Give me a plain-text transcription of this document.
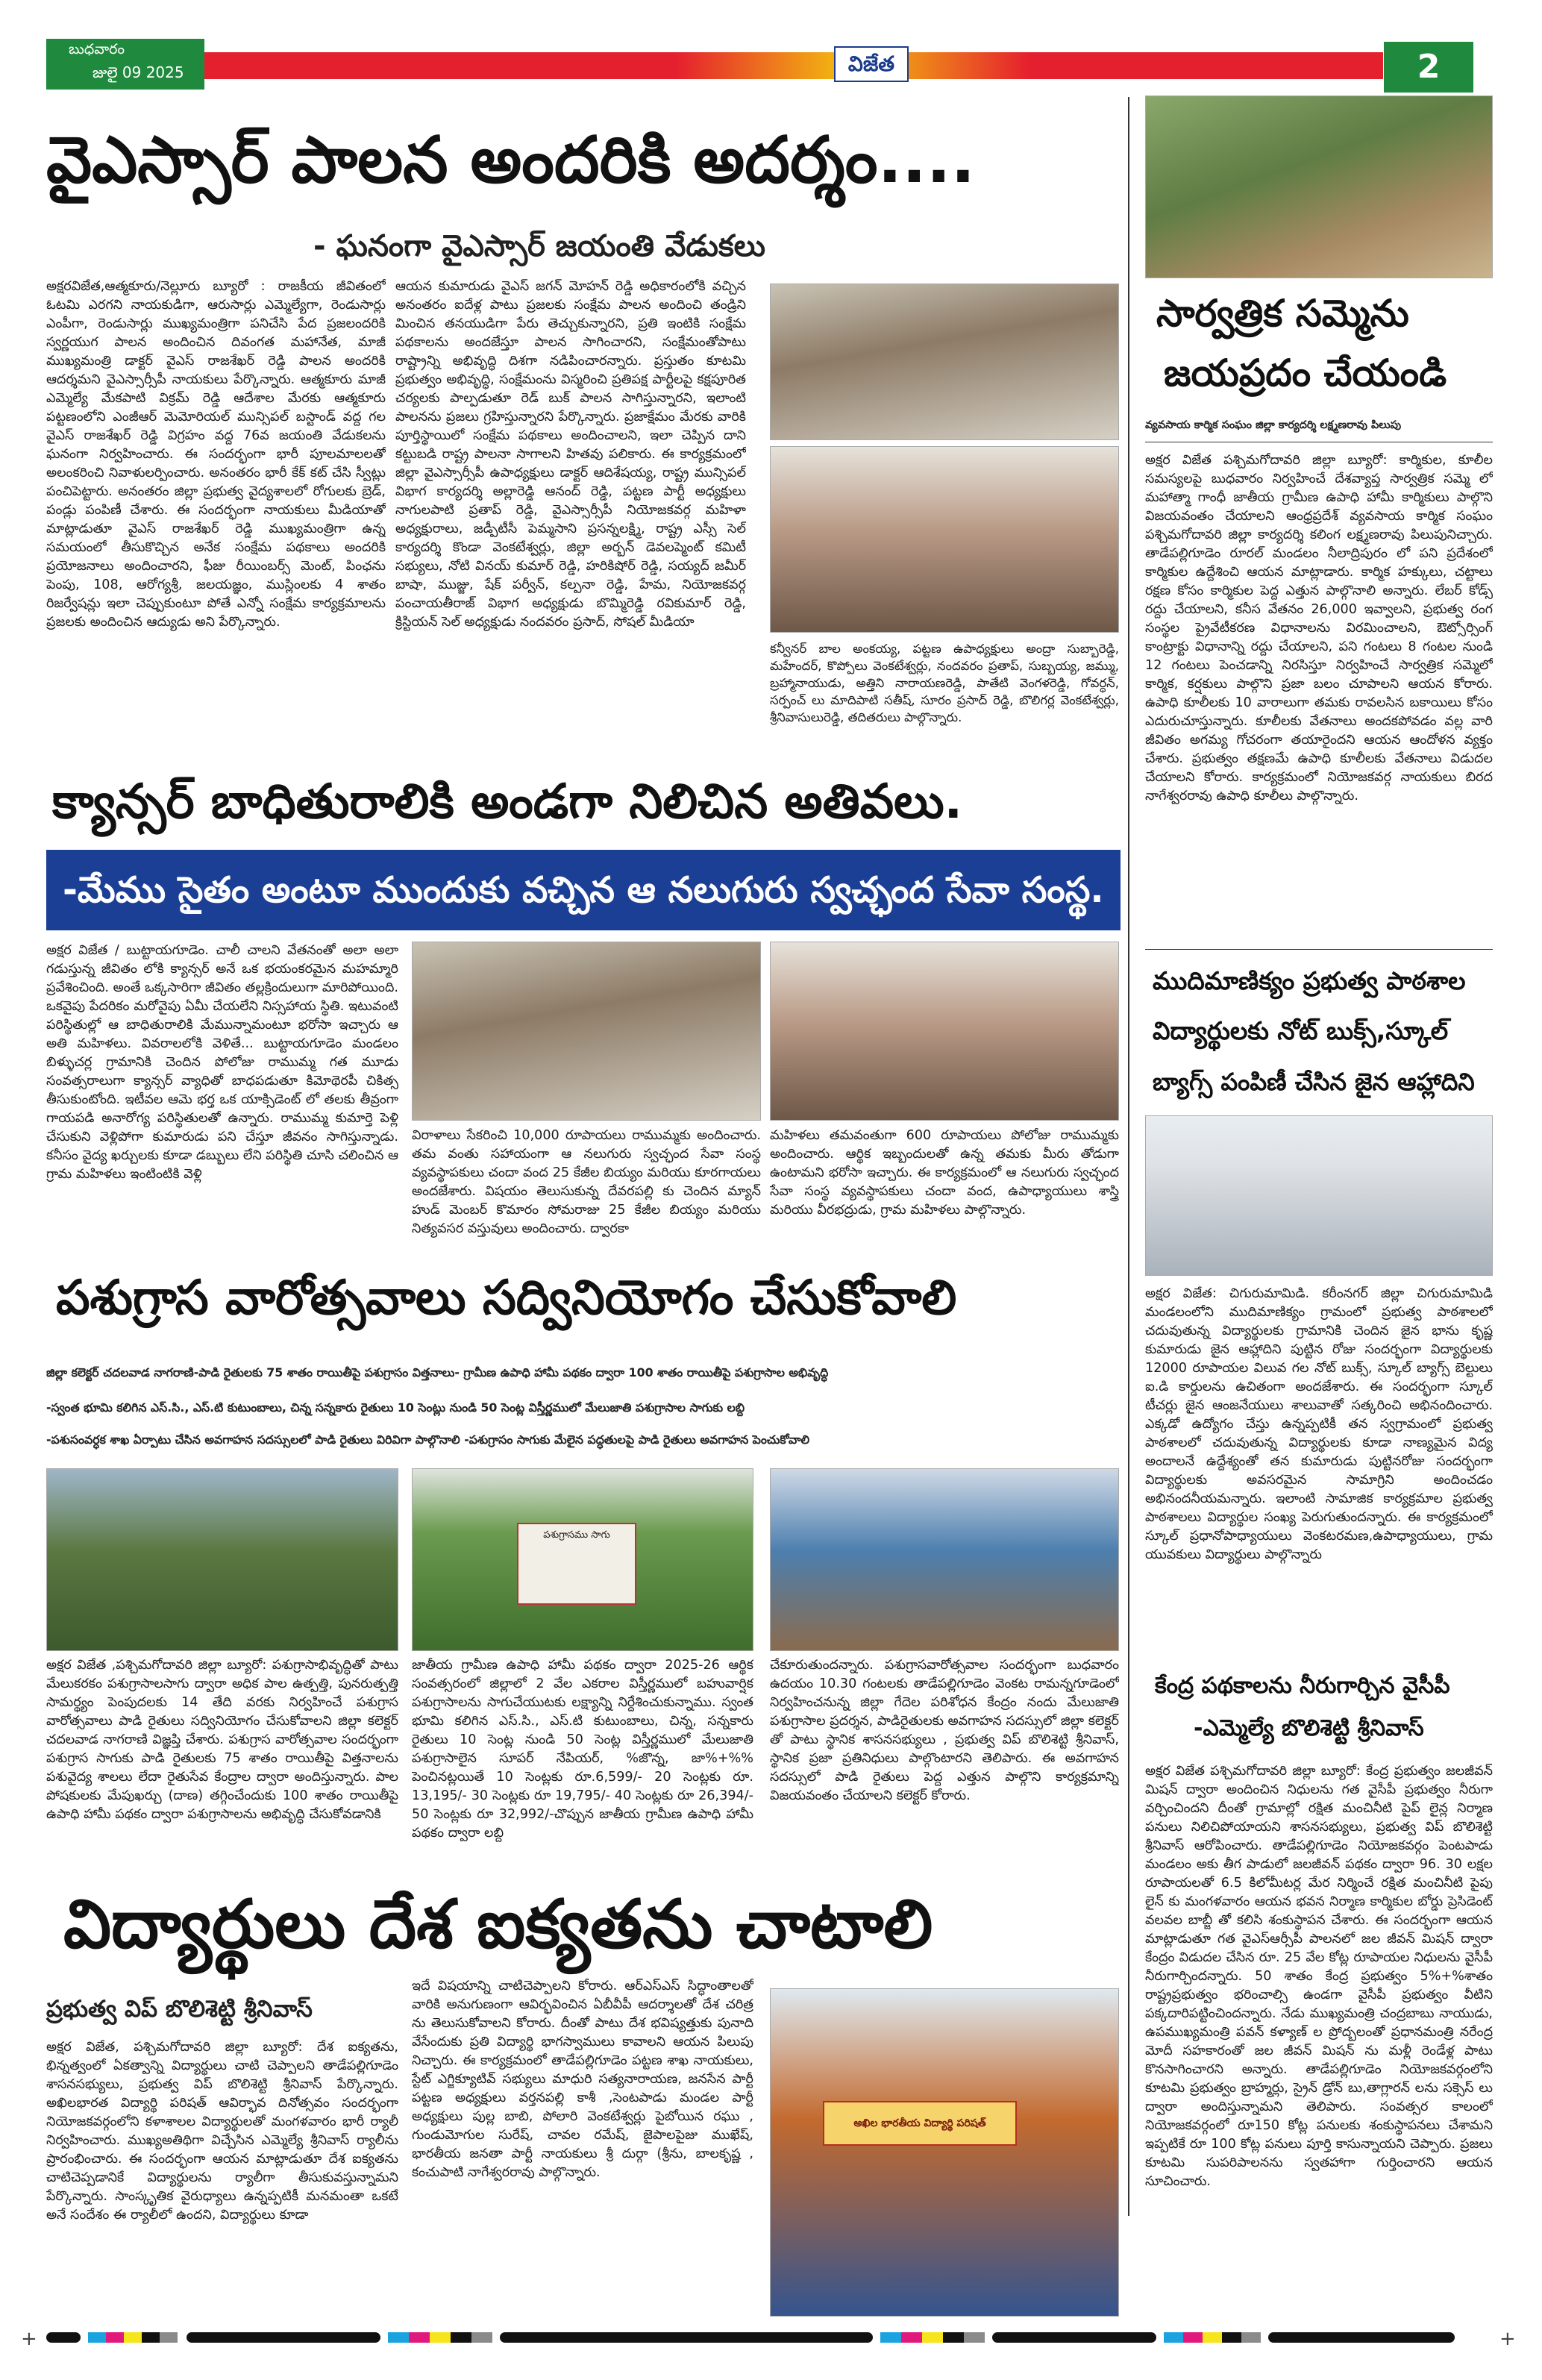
బుధవారం
జులై 09 2025	విజేత	2
వైఎస్సార్ పాలన అందరికి అదర్శం....
- ఘనంగా వైఎస్సార్ జయంతి వేడుకలు
అక్షరవిజేత,ఆత్మకూరు/నెల్లూరు బ్యూరో : రాజకీయ జీవితంలో ఓటమి ఎరగని నాయకుడిగా, ఆరుసార్లు ఎమ్మెల్యేగా, రెండుసార్లు ఎంపీగా, రెండుసార్లు ముఖ్యమంత్రిగా పనిచేసి పేద ప్రజలందరికి స్వర్ణయుగ పాలన అందించిన దివంగత మహానేత, మాజీ ముఖ్యమంత్రి డాక్టర్ వైఎస్ రాజశేఖర్ రెడ్డి పాలన అందరికి ఆదర్శమని వైఎస్సార్సీపీ నాయకులు పేర్కొన్నారు. ఆత్మకూరు మాజీ ఎమ్మెల్యే మేకపాటి విక్రమ్ రెడ్డి ఆదేశాల మేరకు ఆత్మకూరు పట్టణంలోని ఎంజీఆర్ మెమోరియల్ మున్సిపల్ బస్టాండ్ వద్ద గల వైఎస్ రాజశేఖర్ రెడ్డి విగ్రహం వద్ద 76వ జయంతి వేడుకలను ఘనంగా నిర్వహించారు. ఈ సందర్భంగా భారీ పూలమాలలతో అలంకరించి నివాళులర్పించారు. అనంతరం భారీ కేక్ కట్ చేసి స్వీట్లు పంచిపెట్టారు. అనంతరం జిల్లా ప్రభుత్వ వైద్యశాలలో రోగులకు బ్రెడ్, పండ్లు పంపిణీ చేశారు. ఈ సందర్భంగా నాయకులు మీడియాతో మాట్లాడుతూ వైఎస్ రాజశేఖర్ రెడ్డి ముఖ్యమంత్రిగా ఉన్న సమయంలో తీసుకొచ్చిన అనేక సంక్షేమ పథకాలు అందరికి ప్రయోజనాలు అందించారని, ఫీజు రీయింబర్స్ మెంట్, పింఛను పెంపు, 108, ఆరోగ్యశ్రీ, జలయజ్ఞం, ముస్లింలకు 4 శాతం రిజర్వేషన్లు ఇలా చెప్పుకుంటూ పోతే ఎన్నో సంక్షేమ కార్యక్రమాలను ప్రజలకు అందించిన ఆద్యుడు అని పేర్కొన్నారు.
ఆయన కుమారుడు వైఎస్ జగన్ మోహన్ రెడ్డి అధికారంలోకి వచ్చిన అనంతరం ఐదేళ్ల పాటు ప్రజలకు సంక్షేమ పాలన అందించి తండ్రిని మించిన తనయుడిగా పేరు తెచ్చుకున్నారని, ప్రతి ఇంటికి సంక్షేమ పథకాలను అందజేస్తూ పాలన సాగించారని, సంక్షేమంతోపాటు రాష్ట్రాన్ని అభివృద్ధి దిశగా నడిపించారన్నారు. ప్రస్తుతం కూటమి ప్రభుత్వం అభివృద్ధి, సంక్షేమంను విస్మరించి ప్రతిపక్ష పార్టీలపై కక్షపూరిత చర్యలకు పాల్పడుతూ రెడ్ బుక్ పాలన సాగిస్తున్నారని, ఇలాంటి పాలనను ప్రజలు గ్రహిస్తున్నారని పేర్కొన్నారు. ప్రజాక్షేమం మేరకు వారికి పూర్తిస్థాయిలో సంక్షేమ పథకాలు అందించాలని, ఇలా చెప్పిన దాని కట్టుబడి రాష్ట్ర పాలనా సాగాలని హితవు పలికారు. ఈ కార్యక్రమంలో జిల్లా వైఎస్సార్సీపీ ఉపాధ్యక్షులు డాక్టర్ ఆదిశేషయ్య, రాష్ట్ర మున్సిపల్ విభాగ కార్యదర్శి అల్లారెడ్డి ఆనంద్ రెడ్డి, పట్టణ పార్టీ అధ్యక్షులు నాగులపాటి ప్రతాప్ రెడ్డి, వైఎస్సార్సీపీ నియోజకవర్గ మహిళా అధ్యక్షురాలు, జడ్పీటీసీ పెమ్మసాని ప్రసన్నలక్ష్మి, రాష్ట్ర ఎస్సీ సెల్ కార్యదర్శి కొండా వెంకటేశ్వర్లు, జిల్లా అర్బన్ డెవలప్మెంట్ కమిటీ సభ్యులు, నోటి వినయ్ కుమార్ రెడ్డి, హరికిషోర్ రెడ్డి, సయ్యద్ జమీర్ బాషా, ముజ్జు, షేక్ పర్వీన్, కల్పనా రెడ్డి, హేమ, నియోజకవర్గ పంచాయతీరాజ్ విభాగ అధ్యక్షుడు బొమ్మిరెడ్డి రవికుమార్ రెడ్డి, క్రిస్టియన్ సెల్ అధ్యక్షుడు నందవరం ప్రసాద్, సోషల్ మీడియా
కన్వీనర్ బాల అంకయ్య, పట్టణ ఉపాధ్యక్షులు అంద్రా సుబ్బారెడ్డి, మహేందర్, కొప్పోలు వెంకటేశ్వర్లు, నందవరం ప్రతాప్, సుబ్బయ్య, జమ్ము, బ్రహ్మానాయుడు, అత్తిని నారాయణరెడ్డి, పాతేటి వెంగళరెడ్డి, గోవర్ధన్, సర్పంచ్ లు మాదిపాటి సతీష్, సూరం ప్రసాద్ రెడ్డి, బొలిగర్ల వెంకటేశ్వర్లు, శ్రీనివాసులురెడ్డి, తదితరులు పాల్గొన్నారు.
సార్వత్రిక సమ్మెను
జయప్రదం చేయండి
వ్యవసాయ కార్మిక సంఘం జిల్లా కార్యదర్శి లక్ష్మణరావు పిలుపు
అక్షర విజేత పశ్చిమగోదావరి జిల్లా బ్యూరో: కార్మికుల, కూలీల సమస్యలపై బుధవారం నిర్వహించే దేశవ్యాప్త సార్వత్రిక సమ్మె లో మహాత్మా గాంధీ జాతీయ గ్రామీణ ఉపాధి హామీ కార్మికులు పాల్గొని విజయవంతం చేయాలని ఆంధ్రప్రదేశ్ వ్యవసాయ కార్మిక సంఘం పశ్చిమగోదావరి జిల్లా కార్యదర్శి కలింగ లక్ష్మణరావు పిలుపునిచ్చారు. తాడేపల్లిగూడెం రూరల్ మండలం నీలాద్రిపురం లో పని ప్రదేశంలో కార్మికుల ఉద్దేశించి ఆయన మాట్లాడారు. కార్మిక హక్కులు, చట్టాలు రక్షణ కోసం కార్మికుల పెద్ద ఎత్తున పాల్గొనాలి అన్నారు. లేబర్ కోడ్స్ రద్దు చేయాలని, కనీస వేతనం 26,000 ఇవ్వాలని, ప్రభుత్వ రంగ సంస్థల ప్రైవేటీకరణ విధానాలను విరమించాలని, ఔట్సోర్సింగ్ కాంట్రాక్టు విధానాన్ని రద్దు చేయాలని, పని గంటలు 8 గంటల నుండి 12 గంటలు పెంచడాన్ని నిరసిస్తూ నిర్వహించే సార్వత్రిక సమ్మెలో కార్మిక, కర్షకులు పాల్గొని ప్రజా బలం చూపాలని ఆయన కోరారు. ఉపాధి కూలీలకు 10 వారాలుగా తమకు రావలసిన బకాయిలు కోసం ఎదురుచూస్తున్నారు. కూలీలకు వేతనాలు అందకపోవడం వల్ల వారి జీవితం అగమ్య గోచరంగా తయారైందని ఆయన ఆందోళన వ్యక్తం చేశారు. ప్రభుత్వం తక్షణమే ఉపాధి కూలీలకు వేతనాలు విడుదల చేయాలని కోరారు. కార్యక్రమంలో నియోజకవర్గ నాయకులు బిరద నాగేశ్వరరావు ఉపాధి కూలీలు పాల్గొన్నారు.
క్యాన్సర్ బాధితురాలికి అండగా నిలిచిన అతివలు.
-మేము సైతం అంటూ ముందుకు వచ్చిన ఆ నలుగురు స్వచ్ఛంద సేవా సంస్థ.
అక్షర విజేత / బుట్టాయగూడెం. చాలీ చాలని వేతనంతో అలా అలా గడుస్తున్న జీవితం లోకి క్యాన్సర్ అనే ఒక భయంకరమైన మహమ్మారి ప్రవేశించింది. అంతే ఒక్కసారిగా జీవితం తల్లక్రిందులుగా మారిపోయింది. ఒకవైపు పేదరికం మరోవైపు ఏమీ చేయలేని నిస్సహాయ స్థితి. ఇటువంటి పరిస్థితుల్లో ఆ బాధితురాలికి మేమున్నామంటూ భరోసా ఇచ్చారు ఆ అతి మహిళలు. వివరాలలోకి వెళితే... బుట్టాయగూడెం మండలం బిళ్ళుచర్ల గ్రామానికి చెందిన పోలోజు రాముమ్మ గత మూడు సంవత్సరాలుగా క్యాన్సర్ వ్యాధితో బాధపడుతూ కిమోథెరపీ చికిత్స తీసుకుంటోంది. ఇటీవల ఆమె భర్త ఒక యాక్సిడెంట్ లో తలకు తీవ్రంగా గాయపడి అనారోగ్య పరిస్థితులతో ఉన్నారు. రాముమ్మ కుమార్తె పెళ్లి చేసుకుని వెళ్లిపోగా కుమారుడు పని చేస్తూ జీవనం సాగిస్తున్నాడు. కనీసం వైద్య ఖర్చులకు కూడా డబ్బులు లేని పరిస్థితి చూసి చలించిన ఆ గ్రామ మహిళలు ఇంటింటికి వెళ్లి
విరాళాలు సేకరించి 10,000 రూపాయలు రాముమ్మకు అందించారు. తమ వంతు సహాయంగా ఆ నలుగురు స్వచ్ఛంద సేవా సంస్థ వ్యవస్థాపకులు చందా వంద 25 కేజీల బియ్యం మరియు కూరగాయలు అందజేశారు. విషయం తెలుసుకున్న దేవరపల్లి కు చెందిన మ్యాన్ హుడ్ మెంబర్ కొమారం సోమరాజు 25 కేజీల బియ్యం మరియు నిత్యవసర వస్తువులు అందించారు. ద్వారకా
మహిళలు తమవంతుగా 600 రూపాయలు పోలోజు రాముమ్మకు అందించారు. ఆర్థిక ఇబ్బందులతో ఉన్న తమకు మీరు తోడుగా ఉంటామని భరోసా ఇచ్చారు. ఈ కార్యక్రమంలో ఆ నలుగురు స్వచ్ఛంద సేవా సంస్థ వ్యవస్థాపకులు చందా వంద, ఉపాధ్యాయులు శాస్త్రి మరియు వీరభద్రుడు, గ్రామ మహిళలు పాల్గొన్నారు.
ముదిమాణిక్యం ప్రభుత్వ పాఠశాల
విద్యార్థులకు నోట్ బుక్స్,స్కూల్
బ్యాగ్స్ పంపిణీ చేసిన జైన ఆహ్లాదిని
అక్షర విజేత: చిగురుమామిడి. కరీంనగర్ జిల్లా చిగురుమామిడి మండలంలోని ముదిమాణిక్యం గ్రామంలో ప్రభుత్వ పాఠశాలలో చదువుతున్న విద్యార్థులకు గ్రామానికి చెందిన జైన భాను కృష్ణ కుమారుడు జైన ఆహ్లాదిని పుట్టిన రోజు సందర్భంగా విద్యార్థులకు 12000 రూపాయల విలువ గల నోట్ బుక్స్, స్కూల్ బ్యాగ్స్ బెల్టులు ఐ.డి కార్డులను ఉచితంగా అందజేశారు. ఈ సందర్భంగా స్కూల్ టీచర్లు జైన ఆంజనేయులు శాలువాతో సత్కరించి అభినందించారు. ఎక్కడో ఉద్యోగం చేస్తు ఉన్నప్పటికీ తన స్వగ్రామంలో ప్రభుత్వ పాఠశాలలో చదువుతున్న విద్యార్థులకు కూడా నాణ్యమైన విద్య అందాలనే ఉద్దేశ్యంతో తన కుమారుడు పుట్టినరోజు సందర్భంగా విద్యార్థులకు అవసరమైన సామాగ్రిని అందించడం అభినందనీయమన్నారు. ఇలాంటి సామాజిక కార్యక్రమాల ప్రభుత్వ పాఠశాలలు విద్యార్థుల సంఖ్య పెరుగుతుందన్నారు. ఈ కార్యక్రమంలో స్కూల్ ప్రధానోపాధ్యాయులు వెంకటరమణ,ఉపాధ్యాయులు, గ్రామ యువకులు విద్యార్థులు పాల్గొన్నారు
పశుగ్రాస వారోత్సవాలు సద్వినియోగం చేసుకోవాలి
జిల్లా కలెక్టర్ చదలవాడ నాగరాణి-పాడి రైతులకు 75 శాతం రాయితీపై పశుగ్రాసం విత్తనాలు- గ్రామీణ ఉపాధి హామీ పథకం ద్వారా 100 శాతం రాయితీపై పశుగ్రాసాల అభివృద్ధి
-స్వంత భూమి కలిగిన ఎస్.సి., ఎస్.టి కుటుంబాలు, చిన్న సన్నకారు రైతులు 10 సెంట్లు నుండి 50 సెంట్ల విస్తీర్ణములో మేలుజాతి పశుగ్రాసాల సాగుకు లబ్ది
-పశుసంవర్ధక శాఖ ఏర్పాటు చేసిన అవగాహన సదస్సులలో పాడి రైతులు విరివిగా పాల్గొనాలి -పశుగ్రాసం సాగుకు మేలైన పద్ధతులపై పాడి రైతులు అవగాహన పెంచుకోవాలి
పశుగ్రాసము సాగు
అక్షర విజేత ,పశ్చిమగోదావరి జిల్లా బ్యూరో: పశుగ్రాసాభివృద్ధితో పాటు మేలుకరకం పశుగ్రాసాలసాగు ద్వారా అధిక పాల ఉత్పత్తి, పునరుత్పత్తి సామర్థ్యం పెంపుదలకు 14 తేది వరకు నిర్వహించే పశుగ్రాస వారోత్సవాలు పాడి రైతులు సద్వినియోగం చేసుకోవాలని జిల్లా కలెక్టర్ చదలవాడ నాగరాణి విజ్ఞప్తి చేశారు. పశుగ్రాస వారోత్సవాల సందర్భంగా పశుగ్రాస సాగుకు పాడి రైతులకు 75 శాతం రాయితీపై విత్తనాలను పశువైద్య శాలలు లేదా రైతుసేవ కేంద్రాల ద్వారా అందిస్తున్నారు. పాల పోషకులకు మేపుఖర్చు (దాణ) తగ్గించేందుకు 100 శాతం రాయితీపై ఉపాధి హామీ పథకం ద్వారా పశుగ్రాసాలను అభివృద్ధి చేసుకోవడానికి
జాతీయ గ్రామీణ ఉపాధి హామీ పథకం ద్వారా 2025-26 ఆర్థిక సంవత్సరంలో జిల్లాలో 2 వేల ఎకరాల విస్తీర్ణములో బహువార్షిక పశుగ్రాసాలను సాగుచేయుటకు లక్ష్యాన్ని నిర్దేశించుకున్నాము. స్వంత భూమి కలిగిన ఎస్.సి., ఎస్.టి కుటుంబాలు, చిన్న, సన్నకారు రైతులు 10 సెంట్ల నుండి 50 సెంట్ల విస్తీర్ణములో మేలుజాతి పశుగ్రాసాలైన సూపర్ నేపియర్, %జొన్న, జా%+%% పెంచినట్లయితే 10 సెంట్లకు రూ.6,599/- 20 సెంట్లకు రూ. 13,195/- 30 సెంట్లకు రూ 19,795/- 40 సెంట్లకు రూ 26,394/- 50 సెంట్లకు రూ 32,992/-చొప్పున జాతీయ గ్రామీణ ఉపాధి హామీ పథకం ద్వారా లబ్ది
చేకూరుతుందన్నారు. పశుగ్రాసవారోత్సవాల సందర్భంగా బుధవారం ఉదయం 10.30 గంటలకు తాడేపల్లిగూడెం వెంకట రామన్నగూడెంలో నిర్వహించనున్న జిల్లా గేదెల పరిశోధన కేంద్రం నందు మేలుజాతి పశుగ్రాసాల ప్రదర్శన, పాడిరైతులకు అవగాహన సదస్సులో జిల్లా కలెక్టర్ తో పాటు స్థానిక శాసనసభ్యులు , ప్రభుత్వ విప్ బొలిశెట్టి శ్రీనివాస్, స్థానిక ప్రజా ప్రతినిధులు పాల్గొంటారని తెలిపారు. ఈ అవగాహన సదస్సులో పాడి రైతులు పెద్ద ఎత్తున పాల్గొని కార్యక్రమాన్ని విజయవంతం చేయాలని కలెక్టర్ కోరారు.
కేంద్ర పథకాలను నీరుగార్చిన వైసీపీ
-ఎమ్మెల్యే బొలిశెట్టి శ్రీనివాస్
అక్షర విజేత పశ్చిమగోదావరి జిల్లా బ్యూరో: కేంద్ర ప్రభుత్వం జలజీవన్ మిషన్ ద్వారా అందించిన నిధులను గత వైసీపీ ప్రభుత్వం నీరుగా వర్చించిందని దీంతో గ్రామాల్లో రక్షిత మంచినీటి పైప్ లైన్ల నిర్మాణ పనులు నిలిచిపోయాయని శాసనసభ్యులు, ప్రభుత్వ విప్ బొలిశెట్టి శ్రీనివాస్ ఆరోపించారు. తాడేపల్లిగూడెం నియోజకవర్గం పెంటపాడు మండలం అకు తీగ పాడులో జలజీవన్ పథకం ద్వారా 96. 30 లక్షల రూపాయలతో 6.5 కిలోమీటర్ల మేర నిర్మించే రక్షిత మంచినీటి పైపు లైన్ కు మంగళవారం ఆయన భవన నిర్మాణ కార్మికుల బోర్డు ప్రెసిడెంట్ వలవల బాబ్జీ తో కలిసి శంకుస్థాపన చేశారు. ఈ సందర్భంగా ఆయన మాట్లాడుతూ గత వైఎస్ఆర్సీపీ పాలనలో జల జీవన్ మిషన్ ద్వారా కేంద్రం విడుదల చేసిన రూ. 25 వేల కోట్ల రూపాయల నిధులను వైసీపీ నీరుగార్చిందన్నారు. 50 శాతం కేంద్ర ప్రభుత్వం 5%+%శాతం రాష్ట్రప్రభుత్వం భరించాల్సి ఉండగా వైసీపీ ప్రభుత్వం వీటిని పక్కదారిపట్టించిందన్నారు. నేడు ముఖ్యమంత్రి చంద్రబాబు నాయుడు, ఉపముఖ్యమంత్రి పవన్ కళ్యాణ్ ల ప్రోద్బలంతో ప్రధానమంత్రి నరేంద్ర మోదీ సహకారంతో జల జీవన్ మిషన్ ను మళ్లీ రెండేళ్ల పాటు కొనసాగించారని అన్నారు. తాడేపల్లిగూడెం నియోజకవర్గంలోని కూటమి ప్రభుత్వం బ్రాహ్మర్లు, స్రైన్ డ్రోన్ బు,తాగ్లారన్ లను సక్సెస్ లు ద్వారా అందిస్తున్నామని తెలిపారు. సంవత్సర కాలంలో నియోజకవర్గంలో రూ150 కోట్ల పనులకు శంకుస్థాపనలు చేశామని ఇప్పటికే రూ 100 కోట్ల పనులు పూర్తి కాసున్నాయని చెప్పారు. ప్రజలు కూటమి సుపరిపాలనను స్వతహాగా గుర్తించారని ఆయన సూచించారు.
విద్యార్థులు దేశ ఐక్యతను చాటాలి
ప్రభుత్వ విప్ బొలిశెట్టి శ్రీనివాస్
అక్షర విజేత, పశ్చిమగోదావరి జిల్లా బ్యూరో: దేశ ఐక్యతను, భిన్నత్వంలో ఏకత్వాన్ని విద్యార్థులు చాటి చెప్పాలని తాడేపల్లిగూడెం శాసనసభ్యులు, ప్రభుత్వ విప్ బొలిశెట్టి శ్రీనివాస్ పేర్కొన్నారు. అఖిలభారత విద్యార్థి పరిషత్ ఆవిర్భావ దినోత్సవం సందర్భంగా నియోజకవర్గంలోని కళాశాలల విద్యార్థులతో మంగళవారం భారీ ర్యాలీ నిర్వహించారు. ముఖ్యఅతిథిగా విచ్చేసిన ఎమ్మెల్యే శ్రీనివాస్ ర్యాలీను ప్రారంభించారు. ఈ సందర్భంగా ఆయన మాట్లాడుతూ దేశ ఐక్యతను చాటిచెప్పడానికే విద్యార్థులను ర్యాలీగా తీసుకువస్తున్నామని పేర్కొన్నారు. సాంస్కృతిక వైరుధ్యాలు ఉన్నప్పటికీ మనమంతా ఒకటే అనే సందేశం ఈ ర్యాలీలో ఉందని, విద్యార్థులు కూడా
ఇదే విషయాన్ని చాటిచెప్పాలని కోరారు. ఆర్ఎస్ఎస్ సిద్ధాంతాలతో వారికి అనుగుణంగా ఆవిర్భవించిన ఏబీవీపీ ఆదర్శాలతో దేశ చరిత్ర ను తెలుసుకోవాలని కోరారు. దీంతో పాటు దేశ భవిష్యత్తుకు పునాది వేసేందుకు ప్రతి విద్యార్థి భాగస్వాములు కావాలని ఆయన పిలుపు నిచ్చారు. ఈ కార్యక్రమంలో తాడేపల్లిగూడెం పట్టణ శాఖ నాయకులు, స్టేట్ ఎగ్జిక్యూటివ్ సభ్యులు మాధురి సత్యనారాయణ, జనసేన పార్టీ పట్టణ అధ్యక్షులు వర్తనపల్లి కాశీ ,సెంటపాడు మండల పార్టీ అధ్యక్షులు పుల్ల బాబి, పోలారి వెంకటేశ్వర్లు పైబోయిన రఘు , గుండుమోగుల సురేష్, చావల రమేష్, జైపాలపైజు ముఖేష్, భారతీయ జనతా పార్టీ నాయకులు శ్రీ దుర్గా (శ్రీను, బాలకృష్ణ , కంచుపాటి నాగేశ్వరరావు పాల్గొన్నారు.
అఖిల భారతీయ విద్యార్థి పరిషత్
+	+
